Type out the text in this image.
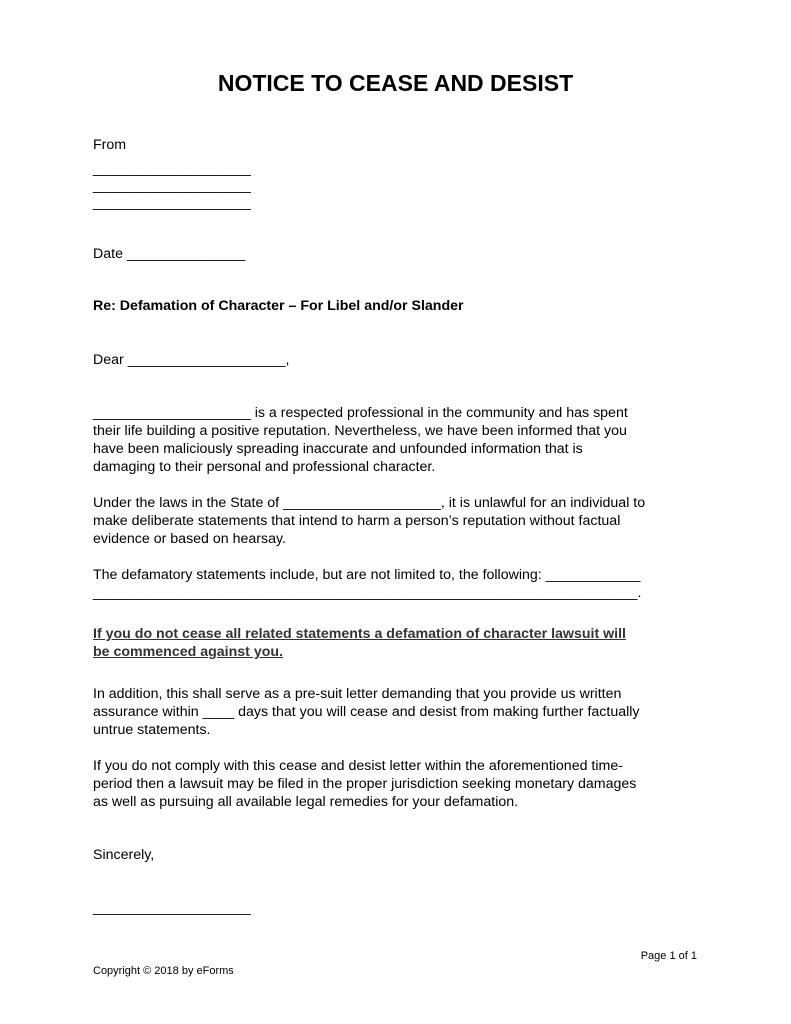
NOTICE TO CEASE AND DESIST
From
____________________
____________________
____________________
Date _______________
Re: Defamation of Character – For Libel and/or Slander
Dear ____________________,
____________________ is a respected professional in the community and has spent
their life building a positive reputation. Nevertheless, we have been informed that you
have been maliciously spreading inaccurate and unfounded information that is
damaging to their personal and professional character.
Under the laws in the State of ____________________, it is unlawful for an individual to
make deliberate statements that intend to harm a person’s reputation without factual
evidence or based on hearsay.
The defamatory statements include, but are not limited to, the following: ____________
_____________________________________________________________________.
If you do not cease all related statements a defamation of character lawsuit will
be commenced against you.
In addition, this shall serve as a pre-suit letter demanding that you provide us written
assurance within ____ days that you will cease and desist from making further factually
untrue statements.
If you do not comply with this cease and desist letter within the aforementioned time-
period then a lawsuit may be filed in the proper jurisdiction seeking monetary damages
as well as pursuing all available legal remedies for your defamation.
Sincerely,
____________________
Page 1 of 1
Copyright © 2018 by eForms
